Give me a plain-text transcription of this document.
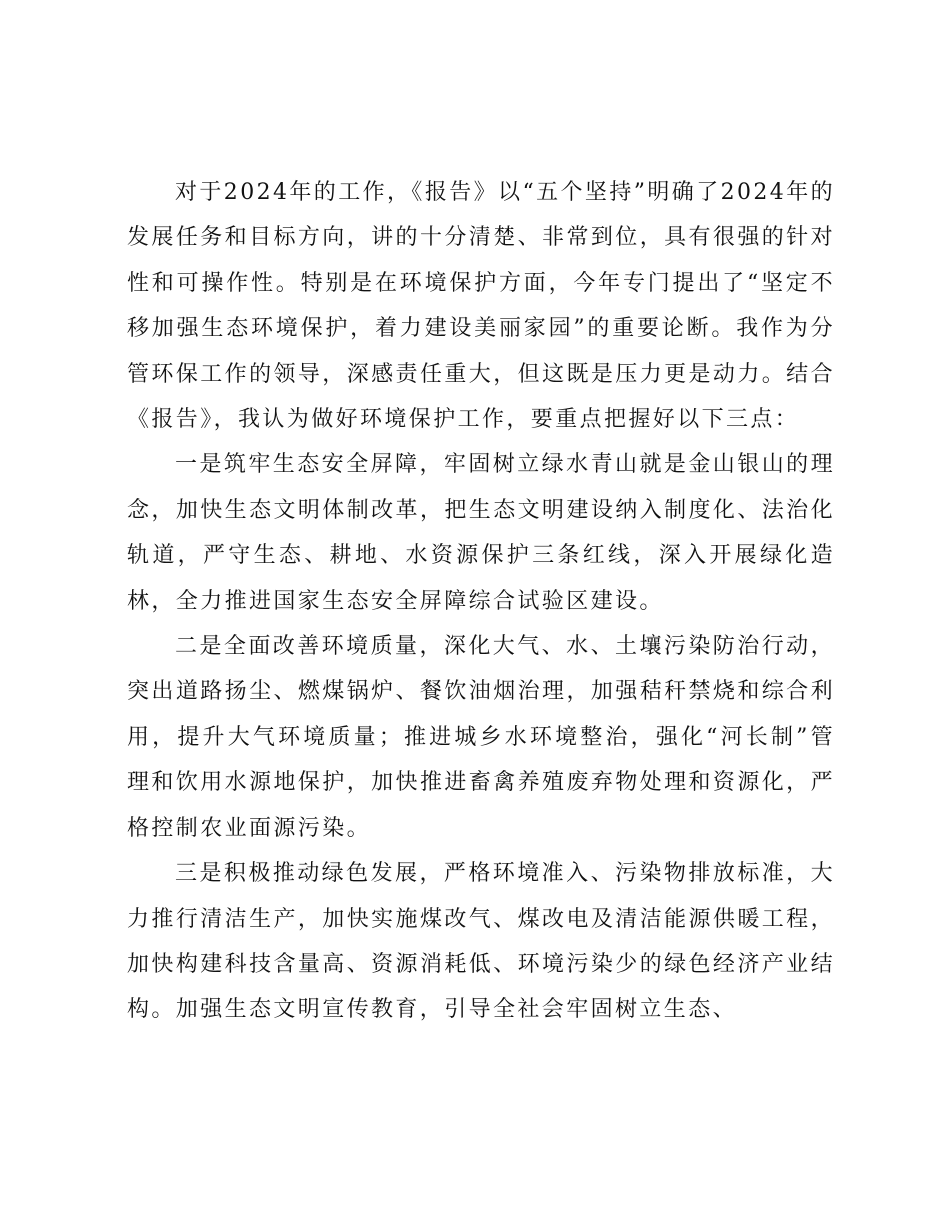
对于2024年的工作，《报告》以“五个坚持”明确了2024年的发展任务和目标方向，讲的十分清楚、非常到位，具有很强的针对性和可操作性。特别是在环境保护方面，今年专门提出了“坚定不移加强生态环境保护，着力建设美丽家园”的重要论断。我作为分管环保工作的领导，深感责任重大，但这既是压力更是动力。结合《报告》，我认为做好环境保护工作，要重点把握好以下三点：

一是筑牢生态安全屏障，牢固树立绿水青山就是金山银山的理念，加快生态文明体制改革，把生态文明建设纳入制度化、法治化轨道，严守生态、耕地、水资源保护三条红线，深入开展绿化造林，全力推进国家生态安全屏障综合试验区建设。

二是全面改善环境质量，深化大气、水、土壤污染防治行动，突出道路扬尘、燃煤锅炉、餐饮油烟治理，加强秸秆禁烧和综合利用，提升大气环境质量；推进城乡水环境整治，强化“河长制”管理和饮用水源地保护，加快推进畜禽养殖废弃物处理和资源化，严格控制农业面源污染。

三是积极推动绿色发展，严格环境准入、污染物排放标准，大力推行清洁生产，加快实施煤改气、煤改电及清洁能源供暖工程，加快构建科技含量高、资源消耗低、环境污染少的绿色经济产业结构。加强生态文明宣传教育，引导全社会牢固树立生态、
